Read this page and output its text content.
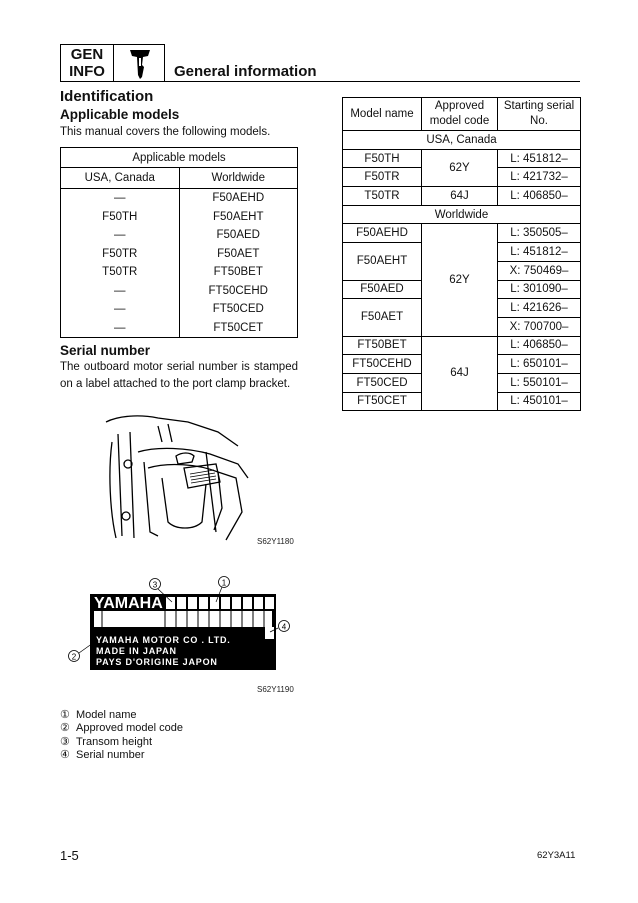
GEN
INFO	General information
Identification
Applicable models
This manual covers the following models.
Applicable models	
USA, Canada	Worldwide
—	F50AEHD
F50TH	F50AEHT
—	F50AED
F50TR	F50AET
T50TR	FT50BET
—	FT50CEHD
—	FT50CED
—	FT50CET
Serial number
The outboard motor serial number is stamped on a label attached to the port clamp bracket.
S62Y1180
3	1
4
2
YAMAHA
YAMAHA MOTOR CO . LTD.
MADE IN JAPAN
PAYS D'ORIGINE JAPON
S62Y1190
① Model name
② Approved model code
③ Transom height
④ Serial number
Model name	Approved model code	Starting serial No.
USA, Canada		
F50TH	62Y	L: 451812–
F50TR		L: 421732–
T50TR	64J	L: 406850–
Worldwide		
F50AEHD	62Y	L: 350505–
F50AEHT		L: 451812–
		X: 750469–
F50AED		L: 301090–
F50AET		L: 421626–
		X: 700700–
FT50BET	64J	L: 406850–
FT50CEHD		L: 650101–
FT50CED		L: 550101–
FT50CET		L: 450101–
1-5	62Y3A11
